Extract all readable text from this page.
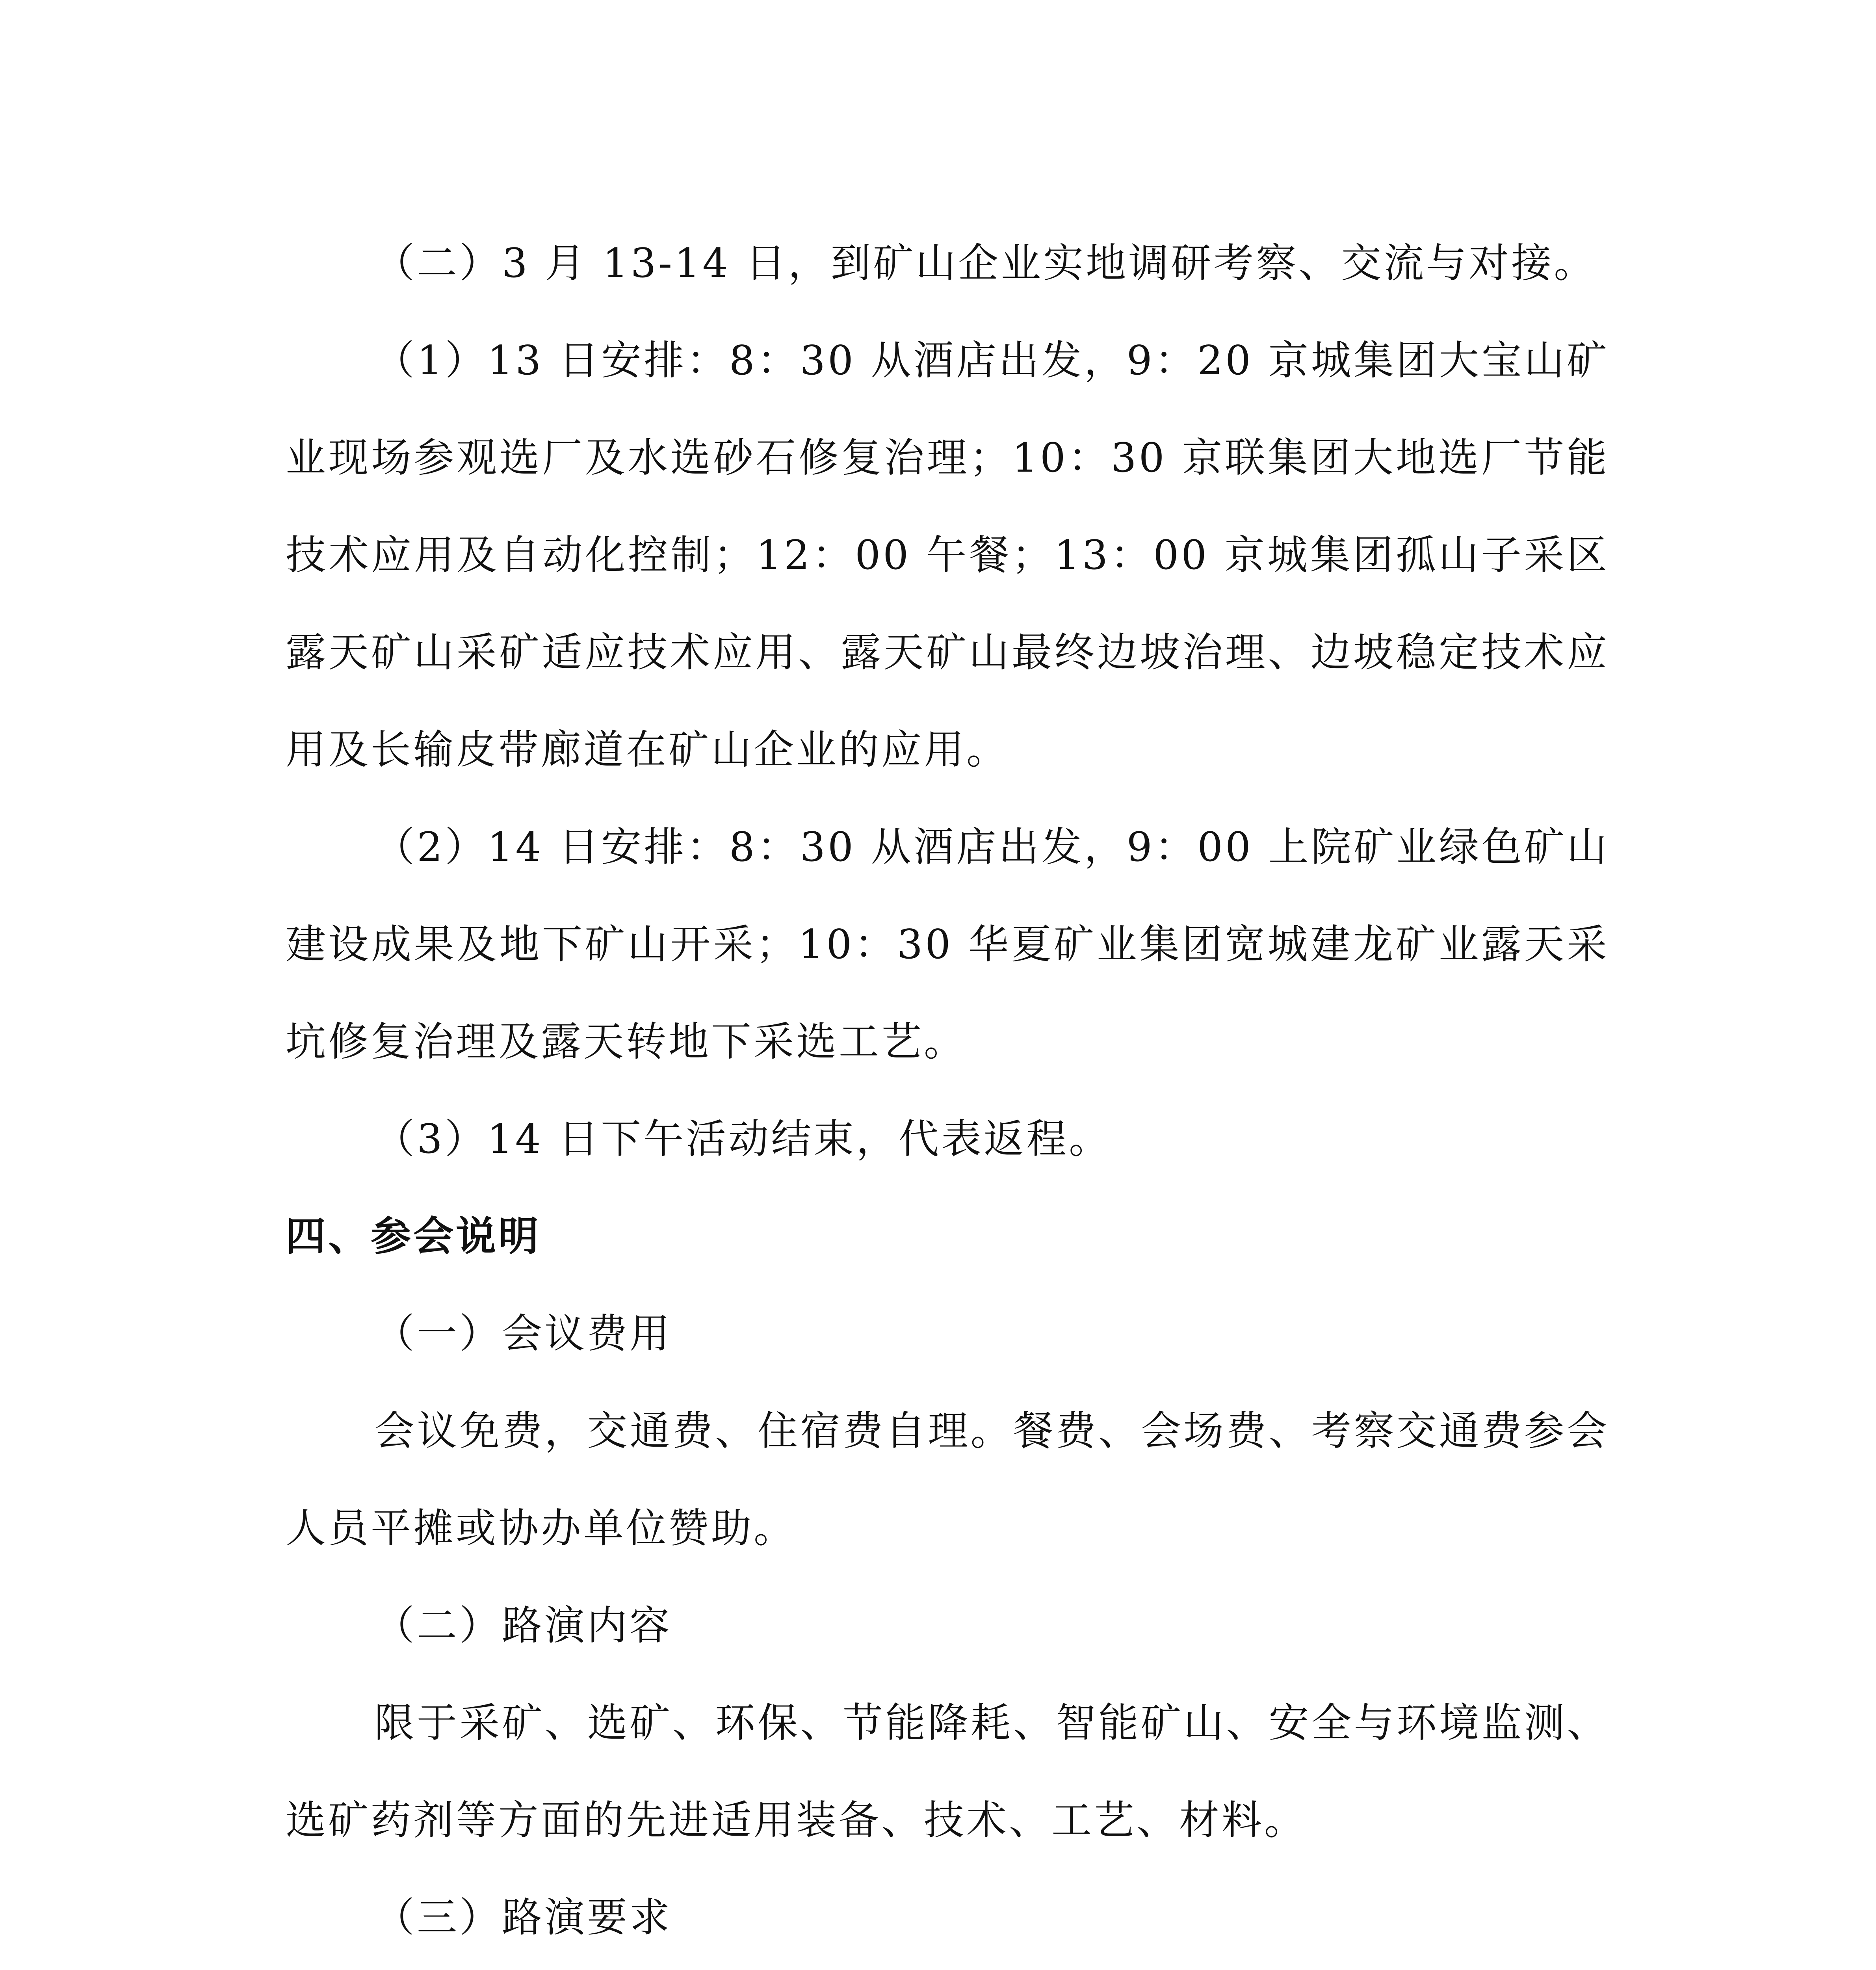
（二）3 月 13-14 日，到矿山企业实地调研考察、交流与对接。

（1）13 日安排：8：30 从酒店出发，9：20 京城集团大宝山矿业现场参观选厂及水选砂石修复治理；10：30 京联集团大地选厂节能技术应用及自动化控制；12：00 午餐；13：00 京城集团孤山子采区露天矿山采矿适应技术应用、露天矿山最终边坡治理、边坡稳定技术应用及长输皮带廊道在矿山企业的应用。

（2）14 日安排：8：30 从酒店出发，9：00 上院矿业绿色矿山建设成果及地下矿山开采；10：30 华夏矿业集团宽城建龙矿业露天采坑修复治理及露天转地下采选工艺。

（3）14 日下午活动结束，代表返程。

四、参会说明

（一）会议费用

会议免费，交通费、住宿费自理。餐费、会场费、考察交通费参会人员平摊或协办单位赞助。

（二）路演内容

限于采矿、选矿、环保、节能降耗、智能矿山、安全与环境监测、选矿药剂等方面的先进适用装备、技术、工艺、材料。

（三）路演要求
